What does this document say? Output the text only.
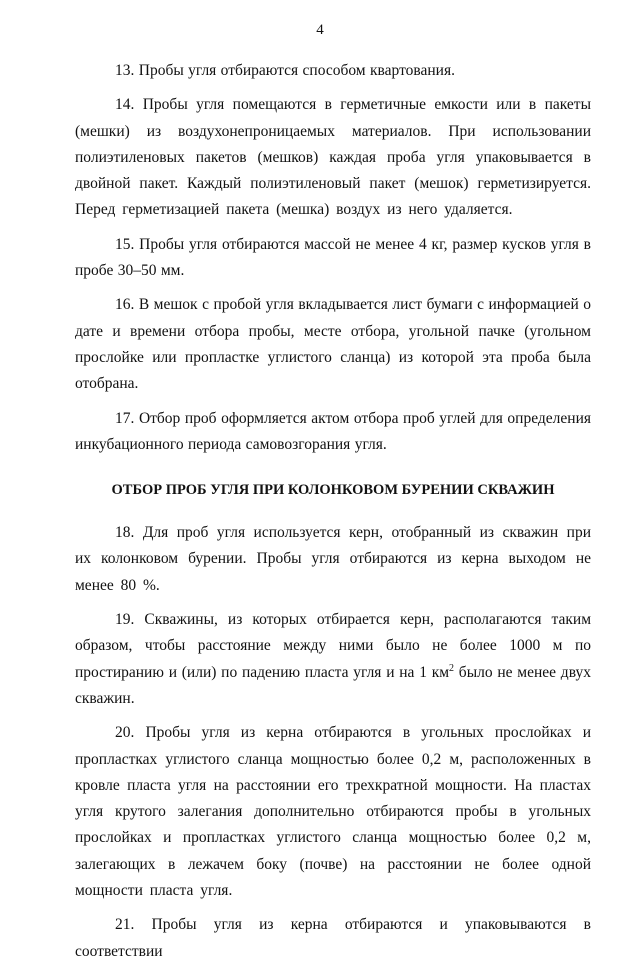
4

13. Пробы угля отбираются способом квартования.

14. Пробы угля помещаются в герметичные емкости или в пакеты (мешки) из воздухонепроницаемых материалов. При использовании полиэтиленовых пакетов (мешков) каждая проба угля упаковывается в двойной пакет. Каждый полиэтиленовый пакет (мешок) герметизируется. Перед герметизацией пакета (мешка) воздух из него удаляется.

15. Пробы угля отбираются массой не менее 4 кг, размер кусков угля в пробе 30–50 мм.

16. В мешок с пробой угля вкладывается лист бумаги с информацией о дате и времени отбора пробы, месте отбора, угольной пачке (угольном прослойке или пропластке углистого сланца) из которой эта проба была отобрана.

17. Отбор проб оформляется актом отбора проб углей для определения инкубационного периода самовозгорания угля.

ОТБОР ПРОБ УГЛЯ ПРИ КОЛОНКОВОМ БУРЕНИИ СКВАЖИН

18. Для проб угля используется керн, отобранный из скважин при их колонковом бурении. Пробы угля отбираются из керна выходом не менее 80 %.

19. Скважины, из которых отбирается керн, располагаются таким образом, чтобы расстояние между ними было не более 1000 м по простиранию и (или) по падению пласта угля и на 1 $км^2$ было не менее двух скважин.

20. Пробы угля из керна отбираются в угольных прослойках и пропластках углистого сланца мощностью более 0,2 м, расположенных в кровле пласта угля на расстоянии его трехкратной мощности. На пластах угля крутого залегания дополнительно отбираются пробы в угольных прослойках и пропластках углистого сланца мощностью более 0,2 м, залегающих в лежачем боку (почве) на расстоянии не более одной мощности пласта угля.

21. Пробы угля из керна отбираются и упаковываются в соответствии
